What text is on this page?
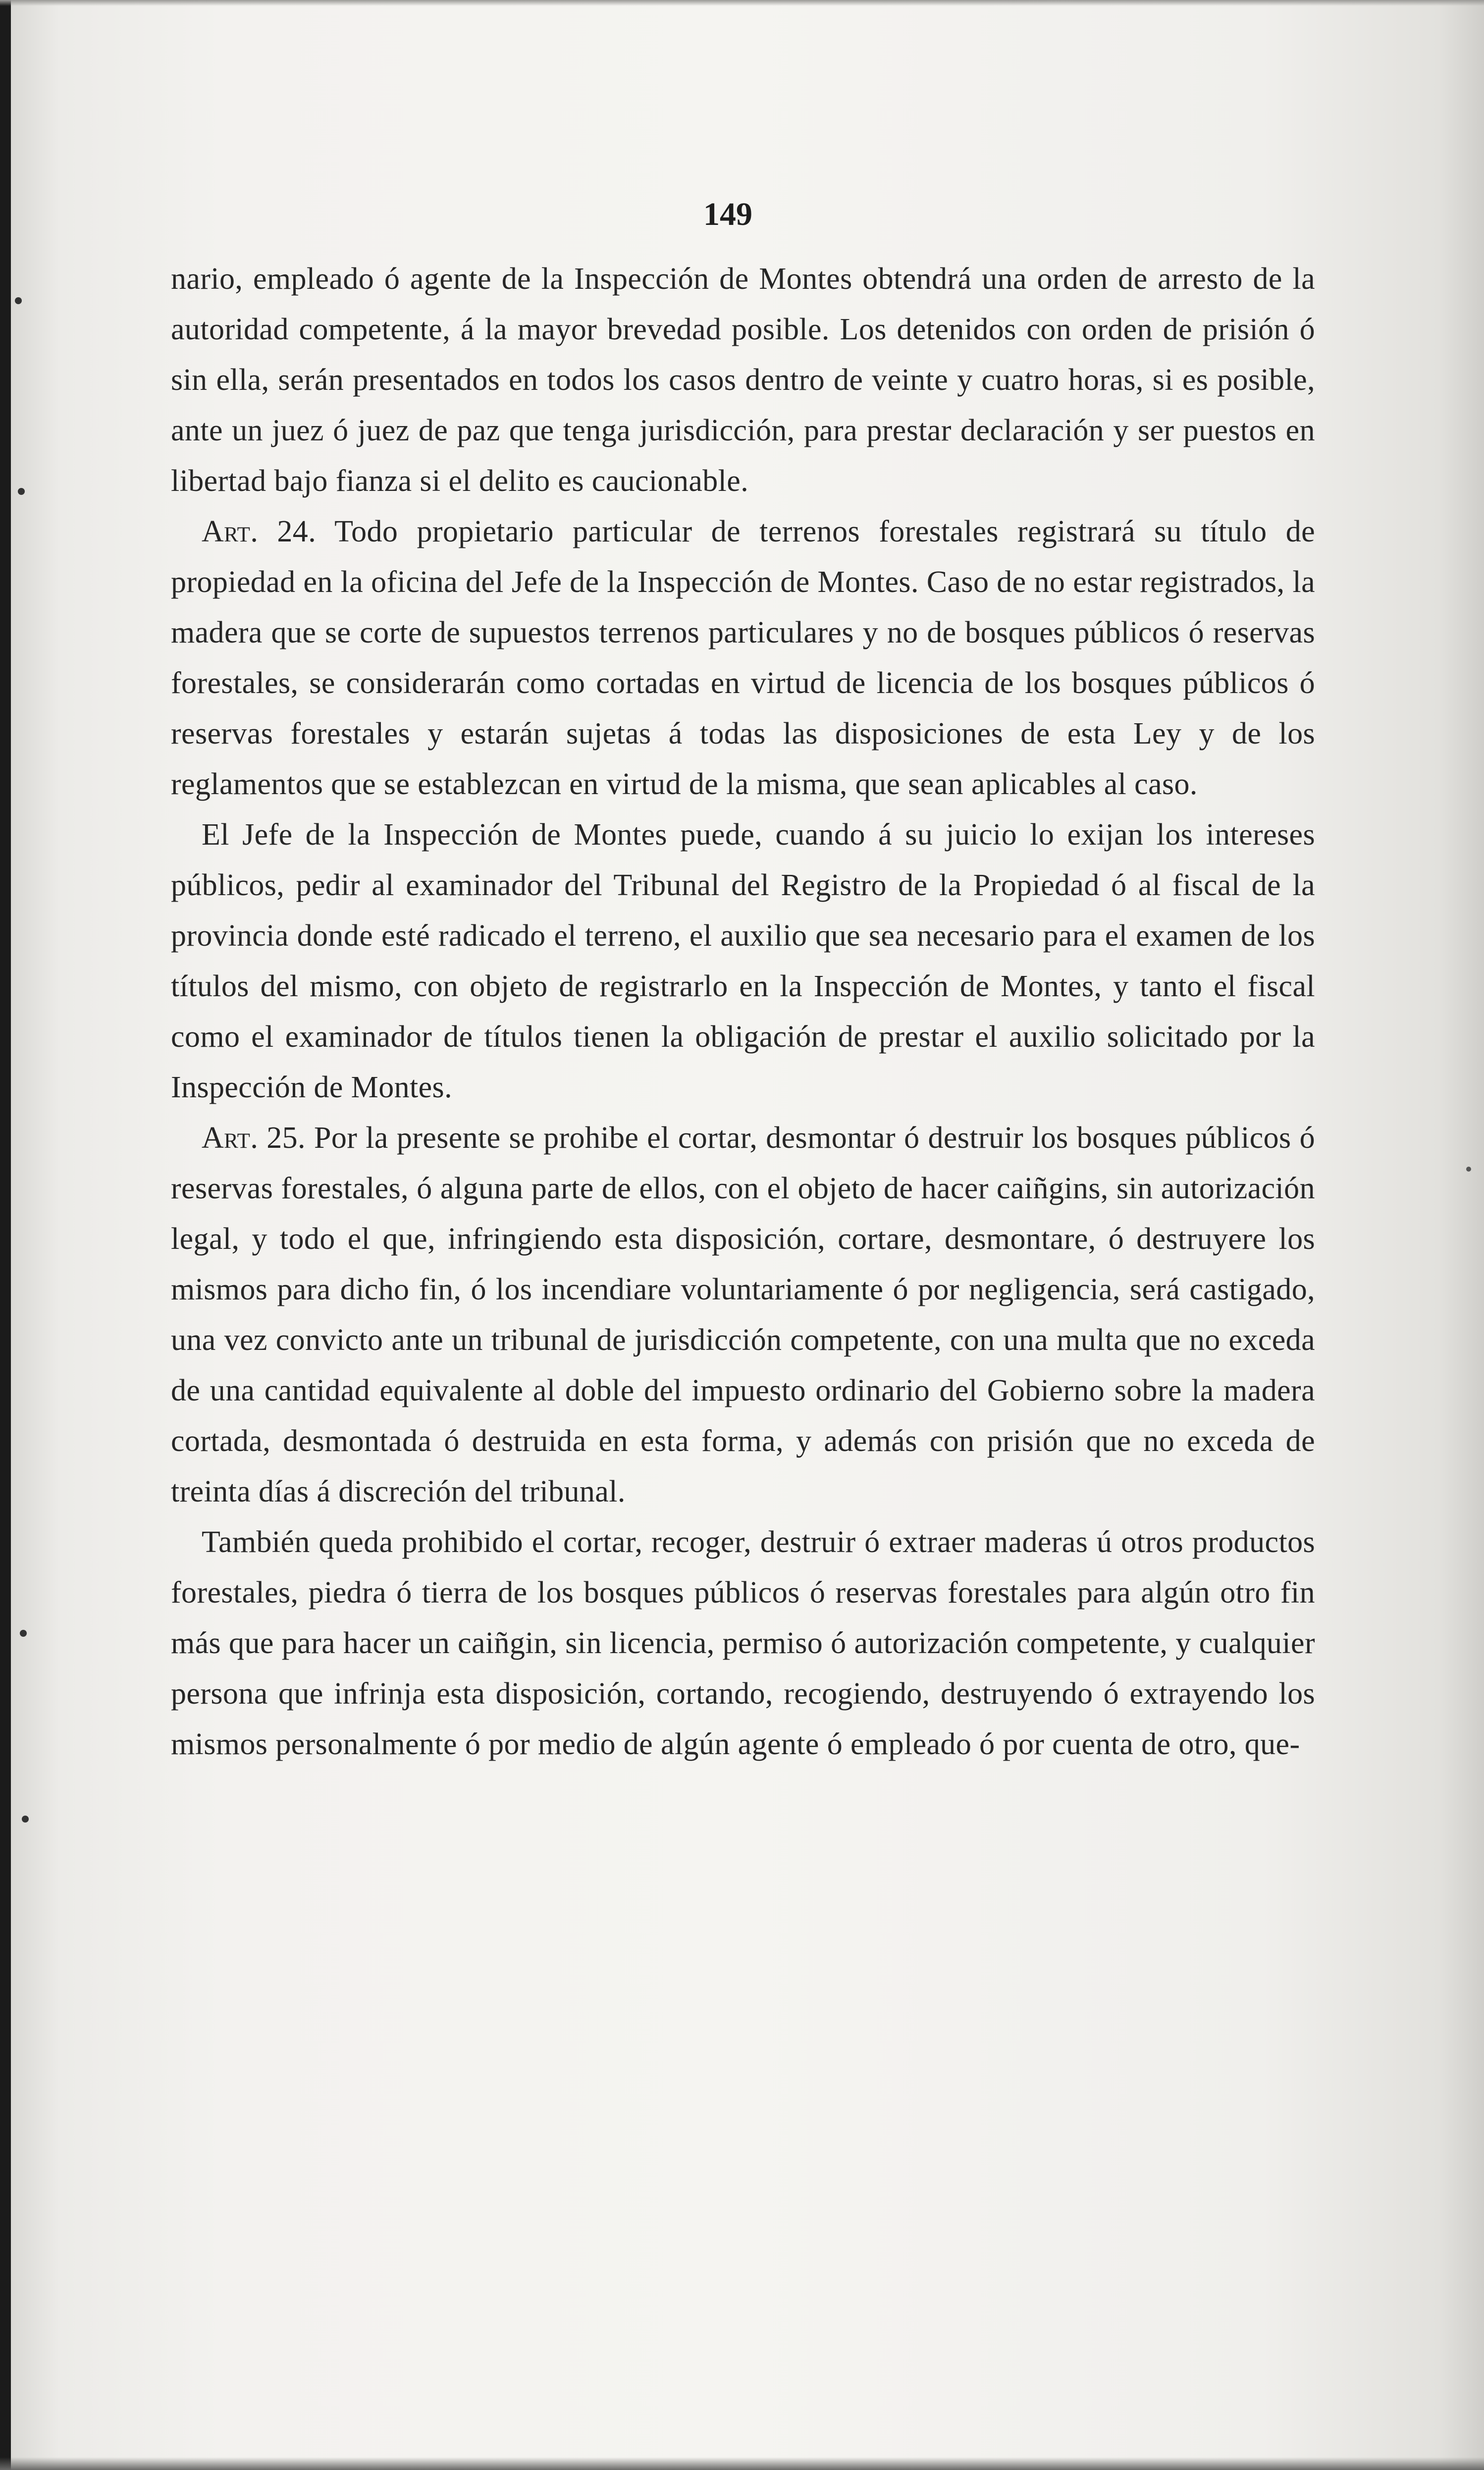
149

nario, empleado ó agente de la Inspección de Montes obtendrá una orden de arresto de la autoridad competente, á la mayor brevedad posible. Los detenidos con orden de prisión ó sin ella, serán presentados en todos los casos dentro de veinte y cuatro horas, si es posible, ante un juez ó juez de paz que tenga jurisdicción, para prestar declaración y ser puestos en libertad bajo fianza si el delito es caucionable.

Art. 24. Todo propietario particular de terrenos forestales registrará su título de propiedad en la oficina del Jefe de la Inspección de Montes. Caso de no estar registrados, la madera que se corte de supuestos terrenos particulares y no de bosques públicos ó reservas forestales, se considerarán como cortadas en virtud de licencia de los bosques públicos ó reservas forestales y estarán sujetas á todas las disposiciones de esta Ley y de los reglamentos que se establezcan en virtud de la misma, que sean aplicables al caso.

El Jefe de la Inspección de Montes puede, cuando á su juicio lo exijan los intereses públicos, pedir al examinador del Tribunal del Registro de la Propiedad ó al fiscal de la provincia donde esté radicado el terreno, el auxilio que sea necesario para el examen de los títulos del mismo, con objeto de registrarlo en la Inspección de Montes, y tanto el fiscal como el examinador de títulos tienen la obligación de prestar el auxilio solicitado por la Inspección de Montes.

Art. 25. Por la presente se prohibe el cortar, desmontar ó destruir los bosques públicos ó reservas forestales, ó alguna parte de ellos, con el objeto de hacer caiñgins, sin autorización legal, y todo el que, infringiendo esta disposición, cortare, desmontare, ó destruyere los mismos para dicho fin, ó los incendiare voluntariamente ó por negligencia, será castigado, una vez convicto ante un tribunal de jurisdicción competente, con una multa que no exceda de una cantidad equivalente al doble del impuesto ordinario del Gobierno sobre la madera cortada, desmontada ó destruida en esta forma, y además con prisión que no exceda de treinta días á discreción del tribunal.

También queda prohibido el cortar, recoger, destruir ó extraer maderas ú otros productos forestales, piedra ó tierra de los bosques públicos ó reservas forestales para algún otro fin más que para hacer un caiñgin, sin licencia, permiso ó autorización competente, y cualquier persona que infrinja esta disposición, cortando, recogiendo, destruyendo ó extrayendo los mismos personalmente ó por medio de algún agente ó empleado ó por cuenta de otro, que-
